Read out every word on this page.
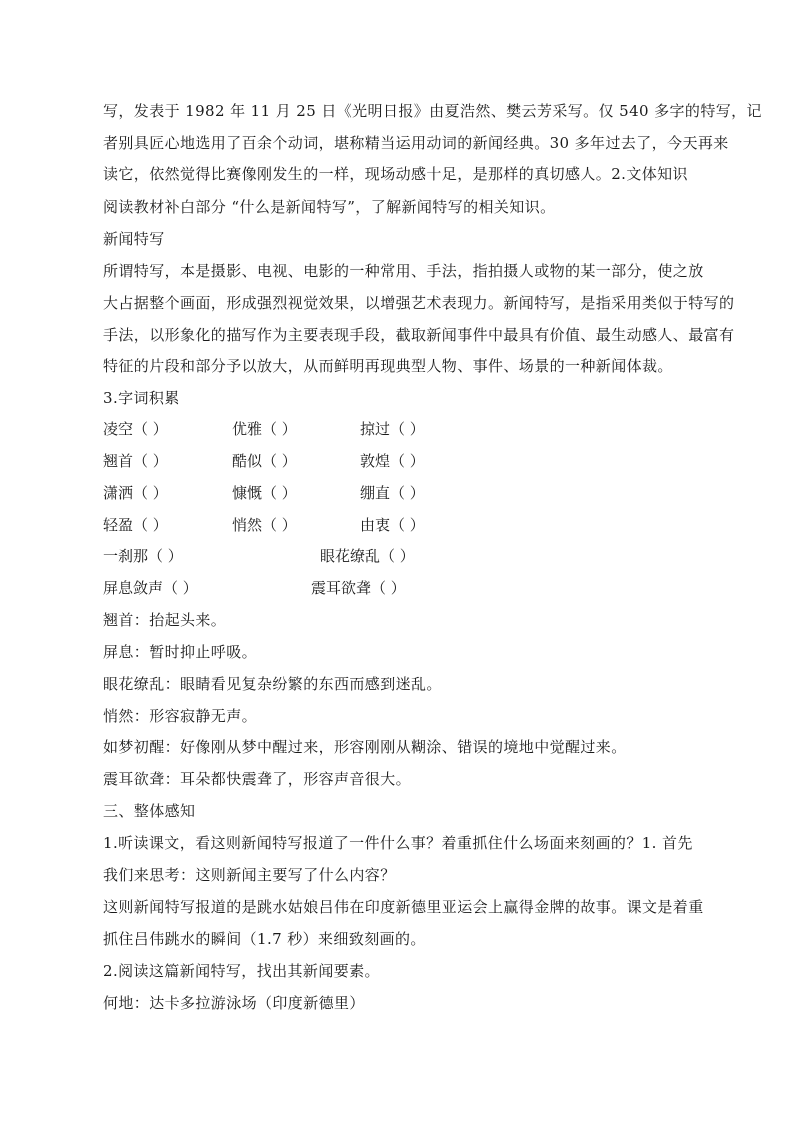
写，发表于 1982 年 11 月 25 日《光明日报》由夏浩然、樊云芳采写。仅 540 多字的特写，记
者别具匠心地选用了百余个动词，堪称精当运用动词的新闻经典。30 多年过去了，今天再来
读它，依然觉得比赛像刚发生的一样，现场动感十足，是那样的真切感人。2.文体知识
阅读教材补白部分 “什么是新闻特写”，了解新闻特写的相关知识。
新闻特写
所谓特写，本是摄影、电视、电影的一种常用、手法，指拍摄人或物的某一部分，使之放
大占据整个画面，形成强烈视觉效果，以增强艺术表现力。新闻特写，是指采用类似于特写的
手法，以形象化的描写作为主要表现手段，截取新闻事件中最具有价值、最生动感人、最富有
特征的片段和部分予以放大，从而鲜明再现典型人物、事件、场景的一种新闻体裁。
3.字词积累
凌空（ ）	优雅（ ）	掠过（ ）
翘首（ ）	酷似（ ）	敦煌（ ）
潇洒（ ）	慷慨（ ）	绷直（ ）
轻盈（ ）	悄然（ ）	由衷（ ）
一刹那（ ）	眼花缭乱（ ）
屏息敛声（ ）	震耳欲聋（ ）
翘首：抬起头来。
屏息：暂时抑止呼吸。
眼花缭乱：眼睛看见复杂纷繁的东西而感到迷乱。
悄然：形容寂静无声。
如梦初醒：好像刚从梦中醒过来，形容刚刚从糊涂、错误的境地中觉醒过来。
震耳欲聋：耳朵都快震聋了，形容声音很大。
三、整体感知
1.听读课文，看这则新闻特写报道了一件什么事？着重抓住什么场面来刻画的？1. 首先
我们来思考：这则新闻主要写了什么内容？
这则新闻特写报道的是跳水姑娘吕伟在印度新德里亚运会上赢得金牌的故事。课文是着重
抓住吕伟跳水的瞬间（1.7 秒）来细致刻画的。
2.阅读这篇新闻特写，找出其新闻要素。
何地：达卡多拉游泳场（印度新德里）
